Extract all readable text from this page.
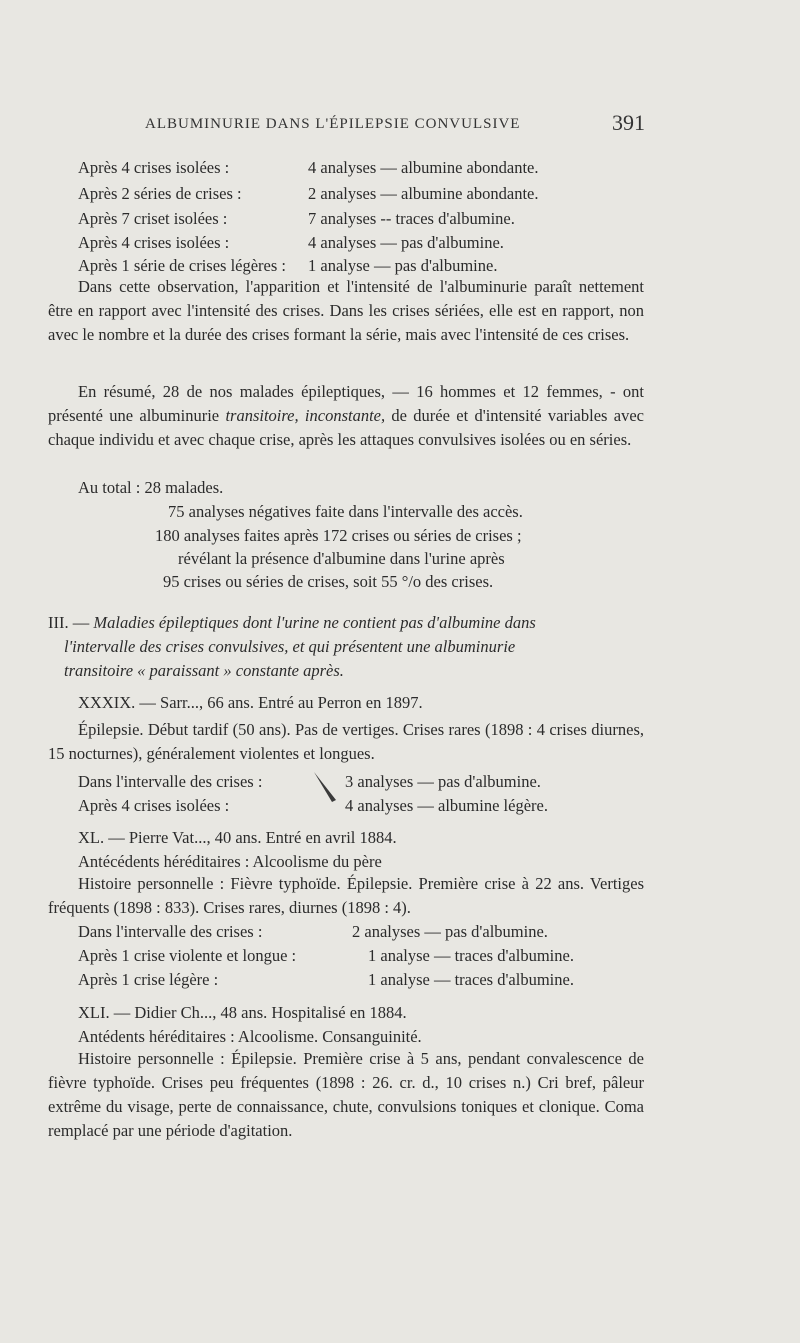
ALBUMINURIE DANS L'ÉPILEPSIE CONVULSIVE	391
Après 4 crises isolées :	4 analyses — albumine abondante.
Après 2 séries de crises :	2 analyses — albumine abondante.
Après 7 criset isolées :	7 analyses -- traces d'albumine.
Après 4 crises isolées :	4 analyses — pas d'albumine.
Après 1 série de crises légères : 1 analyse — pas d'albumine.

Dans cette observation, l'apparition et l'intensité de l'albuminurie paraît nettement être en rapport avec l'intensité des crises. Dans les crises sériées, elle est en rapport, non avec le nombre et la durée des crises formant la série, mais avec l'intensité de ces crises.

En résumé, 28 de nos malades épileptiques, — 16 hommes et 12 femmes, - ont présenté une albuminurie transitoire, inconstante, de durée et d'intensité variables avec chaque individu et avec chaque crise, après les attaques convulsives isolées ou en séries.

Au total : 28 malades.
75 analyses négatives faite dans l'intervalle des accès.
180 analyses faites après 172 crises ou séries de crises ;
révélant la présence d'albumine dans l'urine après
95 crises ou séries de crises, soit 55 °/o des crises.
III. — Maladies épileptiques dont l'urine ne contient pas d'albumine dans
l'intervalle des crises convulsives, et qui présentent une albuminurie
transitoire « paraissant » constante après.
XXXIX. — Sarr..., 66 ans. Entré au Perron en 1897.

Épilepsie. Début tardif (50 ans). Pas de vertiges. Crises rares (1898 : 4 crises diurnes, 15 nocturnes), généralement violentes et longues.

Dans l'intervalle des crises :	3 analyses — pas d'albumine.
Après 4 crises isolées :	4 analyses — albumine légère.
XL. — Pierre Vat..., 40 ans. Entré en avril 1884.
Antécédents héréditaires : Alcoolisme du père

Histoire personnelle : Fièvre typhoïde. Épilepsie. Première crise à 22 ans. Vertiges fréquents (1898 : 833). Crises rares, diurnes (1898 : 4).

Dans l'intervalle des crises :	2 analyses — pas d'albumine.
Après 1 crise violente et longue :	1 analyse — traces d'albumine.
Après 1 crise légère :	1 analyse — traces d'albumine.
XLI. — Didier Ch..., 48 ans. Hospitalisé en 1884.
Antédents héréditaires : Alcoolisme. Consanguinité.

Histoire personnelle : Épilepsie. Première crise à 5 ans, pendant convalescence de fièvre typhoïde. Crises peu fréquentes (1898 : 26. cr. d., 10 crises n.) Cri bref, pâleur extrême du visage, perte de connaissance, chute, convulsions toniques et clonique. Coma remplacé par une période d'agitation.
